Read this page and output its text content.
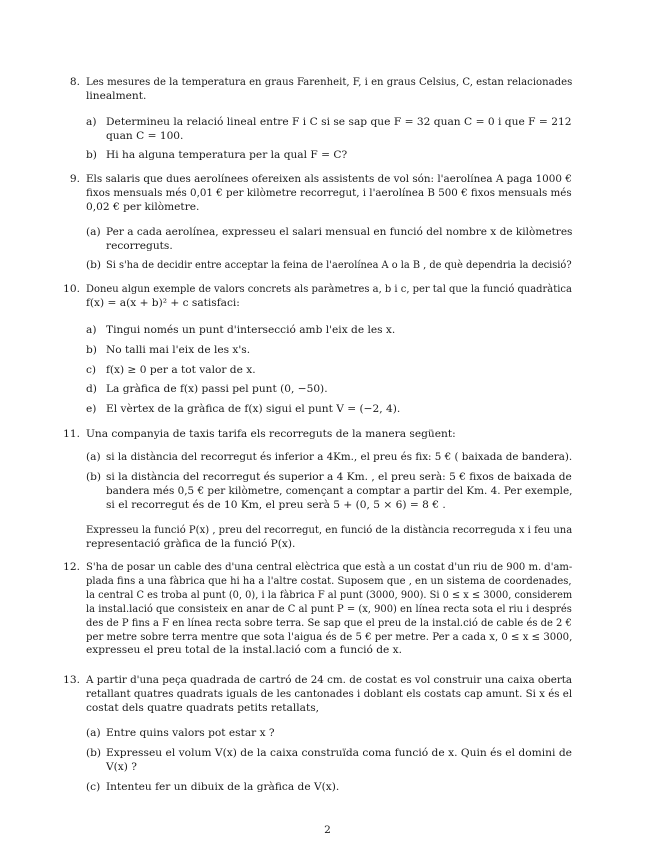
8. Les mesures de la temperatura en graus Farenheit, F, i en graus Celsius, C, estan relacionades
linealment.
a) Determineu la relació lineal entre F i C si se sap que F = 32 quan C = 0 i que F = 212
quan C = 100.
b) Hi ha alguna temperatura per la qual F = C?
9. Els salaris que dues aerolínees ofereixen als assistents de vol són: l'aerolínea A paga 1000 €
fixos mensuals més 0,01 € per kilòmetre recorregut, i l'aerolínea B 500 € fixos mensuals més
0,02 € per kilòmetre.
(a) Per a cada aerolínea, expresseu el salari mensual en funció del nombre x de kilòmetres
recorreguts.
(b) Si s'ha de decidir entre acceptar la feina de l'aerolínea A o la B , de què dependria la decisió?
10. Doneu algun exemple de valors concrets als paràmetres a, b i c, per tal que la funció quadràtica
f(x) = a(x + b)² + c satisfaci:
a) Tingui només un punt d'intersecció amb l'eix de les x.
b) No talli mai l'eix de les x's.
c) f(x) ≥ 0 per a tot valor de x.
d) La gràfica de f(x) passi pel punt (0, −50).
e) El vèrtex de la gràfica de f(x) sigui el punt V = (−2, 4).
11. Una companyia de taxis tarifa els recorreguts de la manera següent:
(a) si la distància del recorregut és inferior a 4Km., el preu és fix: 5 € ( baixada de bandera).
(b) si la distància del recorregut és superior a 4 Km. , el preu serà: 5 € fixos de baixada de
bandera més 0,5 € per kilòmetre, començant a comptar a partir del Km. 4. Per exemple,
si el recorregut és de 10 Km, el preu serà 5 + (0, 5 × 6) = 8 € .
Expresseu la funció P(x) , preu del recorregut, en funció de la distància recorreguda x i feu una
representació gràfica de la funció P(x).
12. S'ha de posar un cable des d'una central elèctrica que està a un costat d'un riu de 900 m. d'am-
plada fins a una fàbrica que hi ha a l'altre costat. Suposem que , en un sistema de coordenades,
la central C es troba al punt (0, 0), i la fàbrica F al punt (3000, 900). Si 0 ≤ x ≤ 3000, considerem
la instal.lació que consisteix en anar de C al punt P = (x, 900) en línea recta sota el riu i després
des de P fins a F en línea recta sobre terra. Se sap que el preu de la instal.ció de cable és de 2 €
per metre sobre terra mentre que sota l'aigua és de 5 € per metre. Per a cada x, 0 ≤ x ≤ 3000,
expresseu el preu total de la instal.lació com a funció de x.
13. A partir d'una peça quadrada de cartró de 24 cm. de costat es vol construir una caixa oberta
retallant quatres quadrats iguals de les cantonades i doblant els costats cap amunt. Si x és el
costat dels quatre quadrats petits retallats,
(a) Entre quins valors pot estar x ?
(b) Expresseu el volum V(x) de la caixa construïda coma funció de x. Quin és el domini de
V(x) ?
(c) Intenteu fer un dibuix de la gràfica de V(x).
2
